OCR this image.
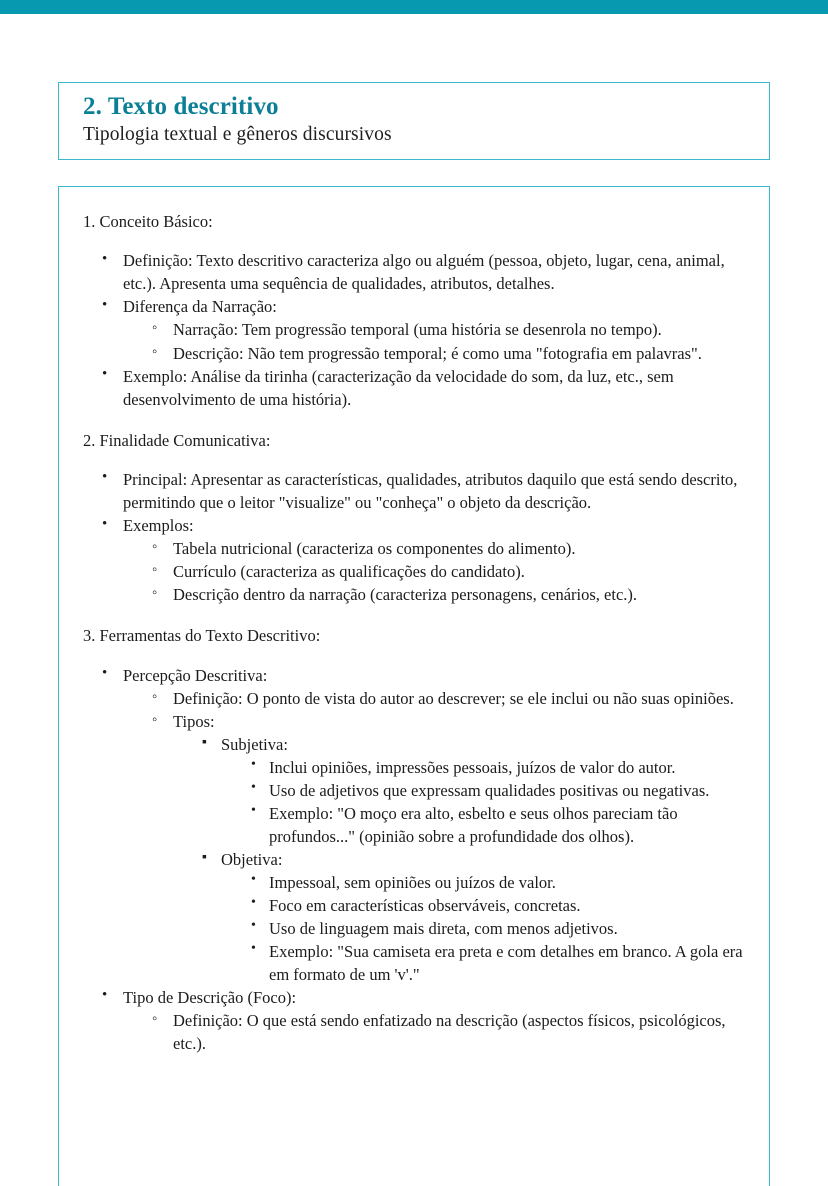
2. Texto descritivo
Tipologia textual e gêneros discursivos
1. Conceito Básico:
• Definição: Texto descritivo caracteriza algo ou alguém (pessoa, objeto, lugar, cena, animal, etc.). Apresenta uma sequência de qualidades, atributos, detalhes.
• Diferença da Narração:
◦ Narração: Tem progressão temporal (uma história se desenrola no tempo).
◦ Descrição: Não tem progressão temporal; é como uma "fotografia em palavras".
• Exemplo: Análise da tirinha (caracterização da velocidade do som, da luz, etc., sem desenvolvimento de uma história).
2. Finalidade Comunicativa:
• Principal: Apresentar as características, qualidades, atributos daquilo que está sendo descrito, permitindo que o leitor "visualize" ou "conheça" o objeto da descrição.
• Exemplos:
◦ Tabela nutricional (caracteriza os componentes do alimento).
◦ Currículo (caracteriza as qualificações do candidato).
◦ Descrição dentro da narração (caracteriza personagens, cenários, etc.).
3. Ferramentas do Texto Descritivo:
• Percepção Descritiva:
◦ Definição: O ponto de vista do autor ao descrever; se ele inclui ou não suas opiniões.
◦ Tipos:
▪ Subjetiva:
• Inclui opiniões, impressões pessoais, juízos de valor do autor.
• Uso de adjetivos que expressam qualidades positivas ou negativas.
• Exemplo: "O moço era alto, esbelto e seus olhos pareciam tão profundos..." (opinião sobre a profundidade dos olhos).
▪ Objetiva:
• Impessoal, sem opiniões ou juízos de valor.
• Foco em características observáveis, concretas.
• Uso de linguagem mais direta, com menos adjetivos.
• Exemplo: "Sua camiseta era preta e com detalhes em branco. A gola era em formato de um 'v'."
• Tipo de Descrição (Foco):
◦ Definição: O que está sendo enfatizado na descrição (aspectos físicos, psicológicos, etc.).
